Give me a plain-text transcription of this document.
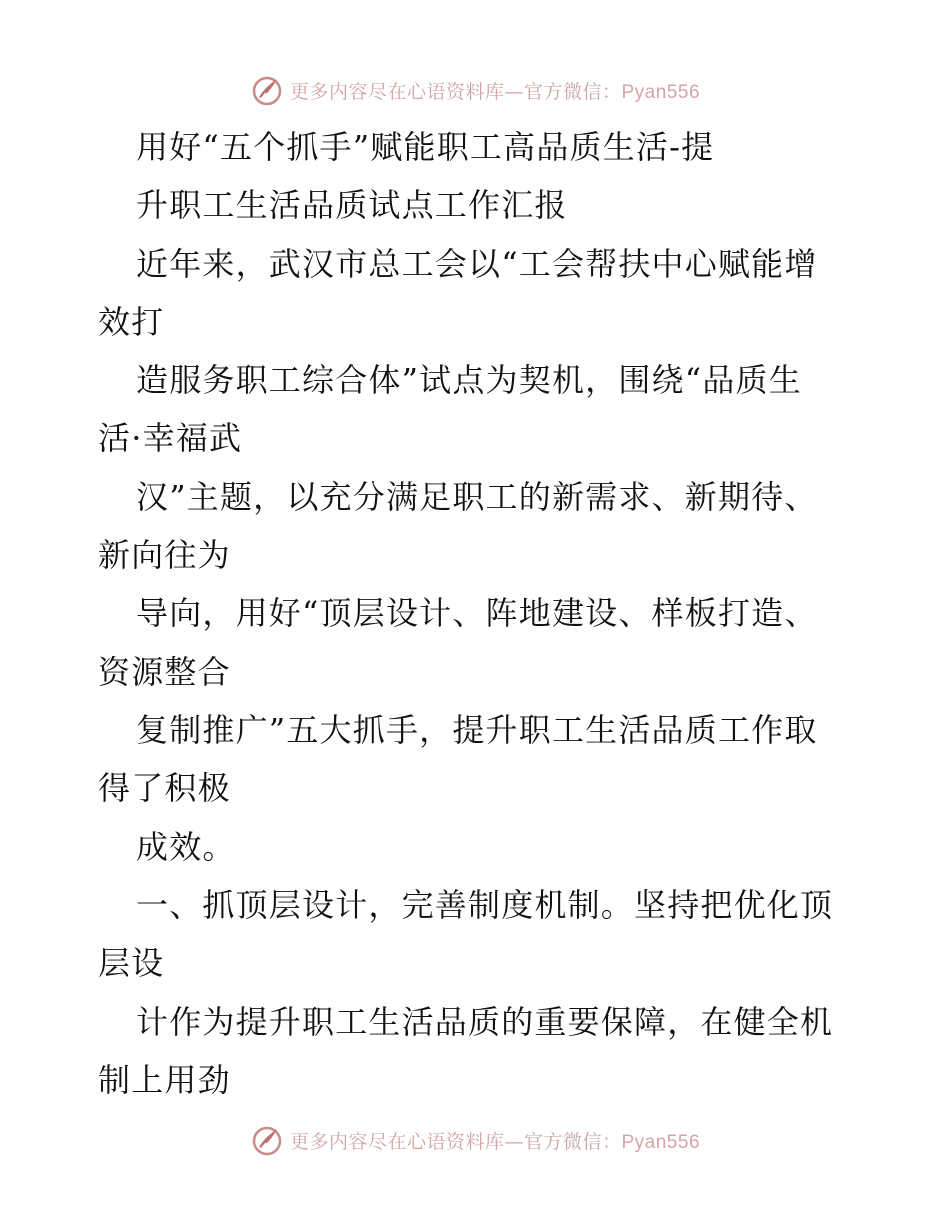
更多内容尽在心语资料库—官方微信：Pyan556
用好“五个抓手”赋能职工高品质生活-提
升职工生活品质试点工作汇报
近年来，武汉市总工会以“工会帮扶中心赋能增
效打
造服务职工综合体”试点为契机，围绕“品质生
活·幸福武
汉”主题，以充分满足职工的新需求、新期待、
新向往为
导向，用好“顶层设计、阵地建设、样板打造、
资源整合
复制推广”五大抓手，提升职工生活品质工作取
得了积极
成效。
一、抓顶层设计，完善制度机制。坚持把优化顶
层设
计作为提升职工生活品质的重要保障，在健全机
制上用劲
更多内容尽在心语资料库—官方微信：Pyan556
